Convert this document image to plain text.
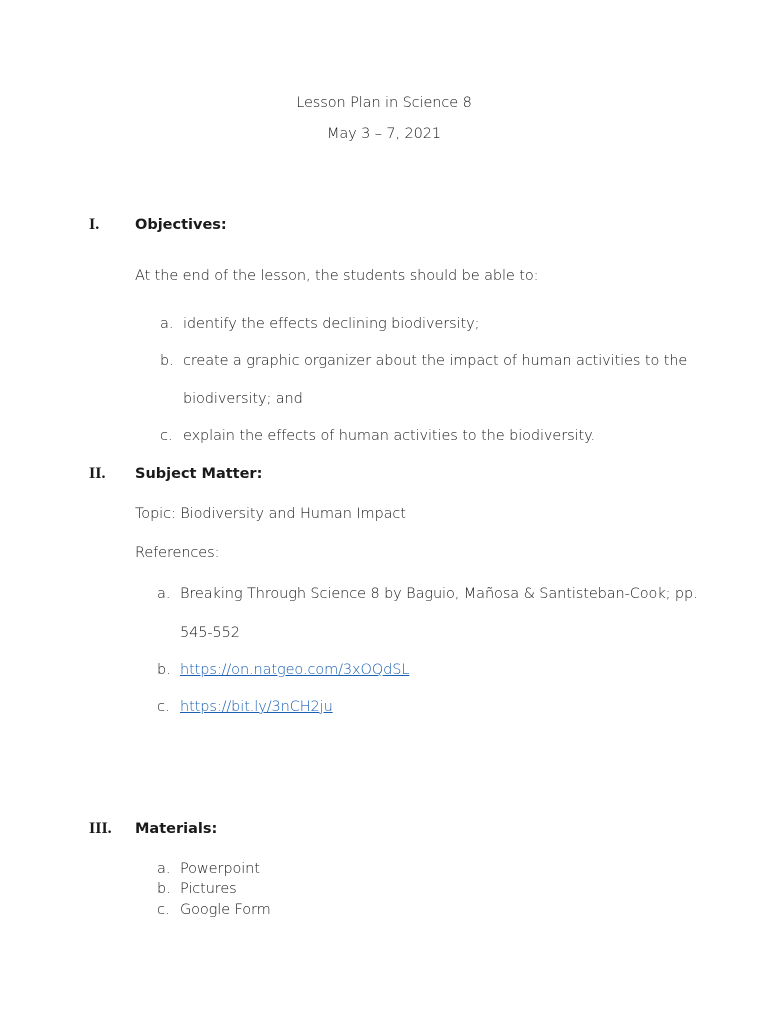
Lesson Plan in Science 8
May 3 – 7, 2021
I. Objectives:
At the end of the lesson, the students should be able to:
a. identify the effects declining biodiversity;
b. create a graphic organizer about the impact of human activities to the
biodiversity; and
c. explain the effects of human activities to the biodiversity.
II. Subject Matter:
Topic: Biodiversity and Human Impact
References:
a. Breaking Through Science 8 by Baguio, Mañosa & Santisteban-Cook; pp.
545-552
b. https://on.natgeo.com/3xOQdSL
c. https://bit.ly/3nCH2ju
III. Materials:
a. Powerpoint
b. Pictures
c. Google Form
